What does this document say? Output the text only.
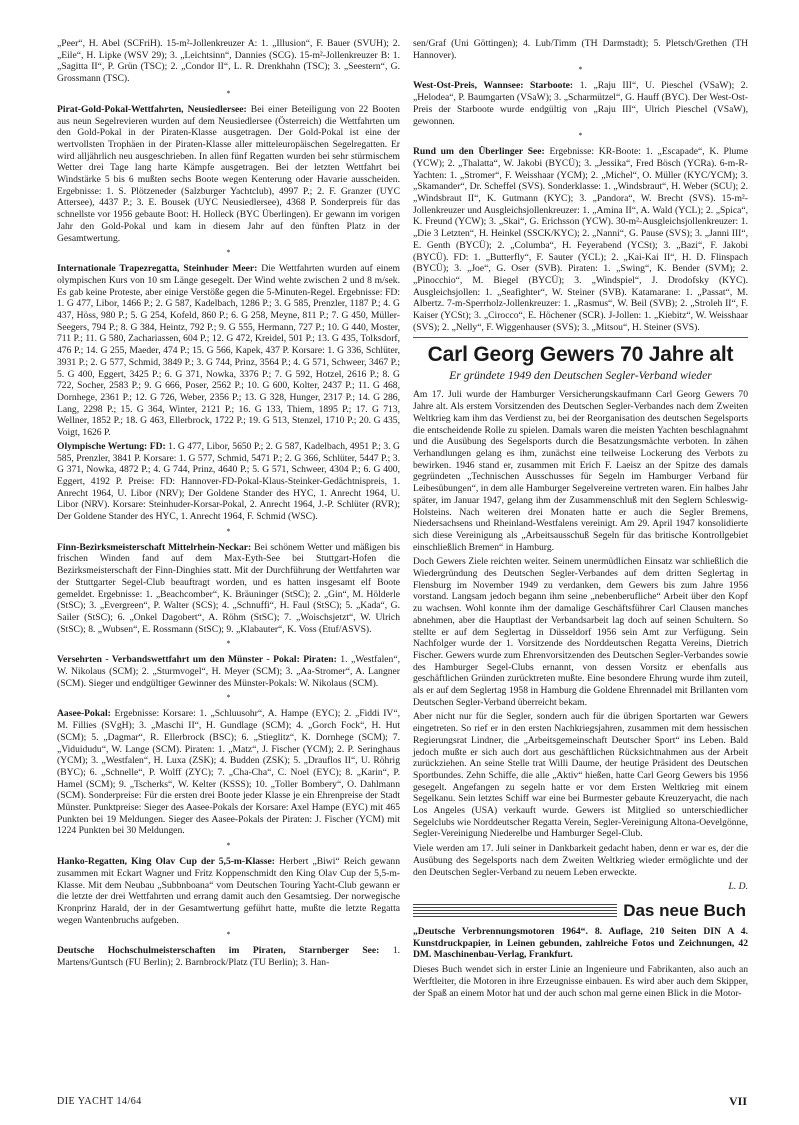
„Peer“, H. Abel (SCFriH). 15-m²-Jollenkreuzer A: 1. „Illusion“, F. Bauer (SVUH); 2. „Eile“, H. Lipke (WSV 29); 3. „Leichtsinn“, Dannies (SCG). 15-m²-Jollenkreuzer B: 1. „Sagitta II“, P. Grün (TSC); 2. „Condor II“, L. R. Drenkhahn (TSC); 3. „Seestern“, G. Grossmann (TSC).

*

Pirat-Gold-Pokal-Wettfahrten, Neusiedlersee: Bei einer Beteiligung von 22 Booten aus neun Segelrevieren wurden auf dem Neusiedlersee (Österreich) die Wettfahrten um den Gold-Pokal in der Piraten-Klasse ausgetragen. Der Gold-Pokal ist eine der wertvollsten Trophäen in der Piraten-Klasse aller mitteleuropäischen Segelregatten. Er wird alljährlich neu ausgeschrieben. In allen fünf Regatten wurden bei sehr stürmischem Wetter drei Tage lang harte Kämpfe ausgetragen. Bei der letzten Wettfahrt bei Windstärke 5 bis 6 mußten sechs Boote wegen Kenterung oder Havarie ausscheiden. Ergebnisse: 1. S. Plötzeneder (Salzburger Yachtclub), 4997 P.; 2. F. Granzer (UYC Attersee), 4437 P.; 3. E. Bousek (UYC Neusiedlersee), 4368 P. Sonderpreis für das schnellste vor 1956 gebaute Boot: H. Holleck (BYC Überlingen). Er gewann im vorigen Jahr den Gold-Pokal und kam in diesem Jahr auf den fünften Platz in der Gesamtwertung.

*

Internationale Trapezregatta, Steinhuder Meer: Die Wettfahrten wurden auf einem olympischen Kurs von 10 sm Länge gesegelt. Der Wind wehte zwischen 2 und 8 m/sek. Es gab keine Proteste, aber einige Verstöße gegen die 5-Minuten-Regel. Ergebnisse: FD: 1. G 477, Libor, 1466 P.; 2. G 587, Kadelbach, 1286 P.; 3. G 585, Prenzler, 1187 P.; 4. G 437, Höss, 980 P.; 5. G 254, Kofeld, 860 P.; 6. G 258, Meyne, 811 P.; 7. G 450, Müller-Seegers, 794 P.; 8. G 384, Heintz, 792 P.; 9. G 555, Hermann, 727 P.; 10. G 440, Moster, 711 P.; 11. G 580, Zachariassen, 604 P.; 12. G 472, Kreidel, 501 P.; 13. G 435, Tolksdorf, 476 P.; 14. G 255, Maeder, 474 P.; 15. G 566, Kapek, 437 P. Korsare: 1. G 336, Schlüter, 3931 P.; 2. G 577, Schmid, 3849 P.; 3. G 744, Prinz, 3564 P.; 4. G 571, Schweer, 3467 P.; 5. G 400, Eggert, 3425 P.; 6. G 371, Nowka, 3376 P.; 7. G 592, Hotzel, 2616 P.; 8. G 722, Socher, 2583 P.; 9. G 666, Poser, 2562 P.; 10. G 600, Kolter, 2437 P.; 11. G 468, Dornhege, 2361 P.; 12. G 726, Weber, 2356 P.; 13. G 328, Hunger, 2317 P.; 14. G 286, Lang, 2298 P.; 15. G 364, Winter, 2121 P.; 16. G 133, Thiem, 1895 P.; 17. G 713, Wellner, 1852 P.; 18. G 463, Ellerbrock, 1722 P.; 19. G 513, Stenzel, 1710 P.; 20. G 435, Voigt, 1626 P.

Olympische Wertung: FD: 1. G 477, Libor, 5650 P.; 2. G 587, Kadelbach, 4951 P.; 3. G 585, Prenzler, 3841 P. Korsare: 1. G 577, Schmid, 5471 P.; 2. G 366, Schlüter, 5447 P.; 3. G 371, Nowka, 4872 P.; 4. G 744, Prinz, 4640 P.; 5. G 571, Schweer, 4304 P.; 6. G 400, Eggert, 4192 P. Preise: FD: Hannover-FD-Pokal-Klaus-Steinker-Gedächtnispreis, 1. Anrecht 1964, U. Libor (NRV); Der Goldene Stander des HYC, 1. Anrecht 1964, U. Libor (NRV). Korsare: Steinhuder-Korsar-Pokal, 2. Anrecht 1964, J.-P. Schlüter (RVR); Der Goldene Stander des HYC, 1. Anrecht 1964, F. Schmid (WSC).

*

Finn-Bezirksmeisterschaft Mittelrhein-Neckar: Bei schönem Wetter und mäßigen bis frischen Winden fand auf dem Max-Eyth-See bei Stuttgart-Hofen die Bezirksmeisterschaft der Finn-Dinghies statt. Mit der Durchführung der Wettfahrten war der Stuttgarter Segel-Club beauftragt worden, und es hatten insgesamt elf Boote gemeldet. Ergebnisse: 1. „Beachcomber“, K. Bräuninger (StSC); 2. „Gin“, M. Hölderle (StSC); 3. „Evergreen“, P. Walter (SCS); 4. „Schnuffi“, H. Faul (StSC); 5. „Kada“, G. Sailer (StSC); 6. „Onkel Dagobert“, A. Röhm (StSC); 7. „Woischsjetzt“, W. Ulrich (StSC); 8. „Wubsen“, E. Rossmann (StSC); 9. „Klabauter“, K. Voss (Etuf/ASVS).

*

Versehrten - Verbandswettfahrt um den Münster - Pokal: Piraten: 1. „Westfalen“, W. Nikolaus (SCM); 2. „Sturmvogel“, H. Meyer (SCM); 3. „Aa-Stromer“, A. Langner (SCM). Sieger und endgültiger Gewinner des Münster-Pokals: W. Nikolaus (SCM).

*

Aasee-Pokal: Ergebnisse: Korsare: 1. „Schluusohr“, A. Hampe (EYC); 2. „Fiddi IV“, M. Fillies (SVgH); 3. „Maschi II“, H. Gundlage (SCM); 4. „Gorch Fock“, H. Hut (SCM); 5. „Dagmar“, R. Ellerbrock (BSC); 6. „Stieglitz“, K. Dornhege (SCM); 7. „Viduidudu“, W. Lange (SCM). Piraten: 1. „Matz“, J. Fischer (YCM); 2. P. Seringhaus (YCM); 3. „Westfalen“, H. Luxa (ZSK); 4. Budden (ZSK); 5. „Drauflos II“, U. Röhrig (BYC); 6. „Schnelle“, P. Wolff (ZYC); 7. „Cha-Cha“, C. Noel (EYC); 8. „Karin“, P. Hamel (SCM); 9. „Tscherks“, W. Kelter (KSSS); 10. „Toller Bombery“, O. Dahlmann (SCM). Sonderpreise: Für die ersten drei Boote jeder Klasse je ein Ehrenpreise der Stadt Münster. Punktpreise: Sieger des Aasee-Pokals der Korsare: Axel Hampe (EYC) mit 465 Punkten bei 19 Meldungen. Sieger des Aasee-Pokals der Piraten: J. Fischer (YCM) mit 1224 Punkten bei 30 Meldungen.

*

Hanko-Regatten, King Olav Cup der 5,5-m-Klasse: Herbert „Biwi“ Reich gewann zusammen mit Eckart Wagner und Fritz Koppenschmidt den King Olav Cup der 5,5-m-Klasse. Mit dem Neubau „Subbnboana“ vom Deutschen Touring Yacht-Club gewann er die letzte der drei Wettfahrten und errang damit auch den Gesamtsieg. Der norwegische Kronprinz Harald, der in der Gesamtwertung geführt hatte, mußte die letzte Regatta wegen Wantenbruchs aufgeben.

*

Deutsche Hochschulmeisterschaften im Piraten, Starnberger See: 1. Martens/Guntsch (FU Berlin); 2. Barnbrock/Platz (TU Berlin); 3. Han-

sen/Graf (Uni Göttingen); 4. Lub/Timm (TH Darmstadt); 5. Pletsch/Grethen (TH Hannover).

*

West-Ost-Preis, Wannsee: Starboote: 1. „Raju III“, U. Pieschel (VSaW); 2. „Helodea“, P. Baumgarten (VSaW); 3. „Scharmützel“, G. Hauff (BYC). Der West-Ost-Preis der Starboote wurde endgültig von „Raju III“, Ulrich Pieschel (VSaW), gewonnen.

*

Rund um den Überlinger See: Ergebnisse: KR-Boote: 1. „Escapade“, K. Plume (YCW); 2. „Thalatta“, W. Jakobi (BYCÜ); 3. „Jessika“, Fred Bösch (YCRa). 6-m-R-Yachten: 1. „Stromer“, F. Weisshaar (YCM); 2. „Michel“, O. Müller (KYC/YCM); 3. „Skamander“, Dr. Scheffel (SVS). Sonderklasse: 1. „Windsbraut“, H. Weber (SCU); 2. „Windsbraut II“, K. Gutmann (KYC); 3. „Pandora“, W. Brecht (SVS). 15-m²-Jollenkreuzer und Ausgleichsjollenkreuzer: 1. „Amina II“, A. Wald (YCL); 2. „Spica“, K. Freund (YCW); 3. „Skai“, G. Erichsson (YCW). 30-m²-Ausgleichsjollenkreuzer: 1. „Die 3 Letzten“, H. Heinkel (SSCK/KYC); 2. „Nanni“, G. Pause (SVS); 3. „Janni III“, E. Genth (BYCÜ); 2. „Columba“, H. Feyerabend (YCSt); 3. „Bazi“, F. Jakobi (BYCÜ). FD: 1. „Butterfly“, F. Sauter (YCL); 2. „Kai-Kai II“, H. D. Flinspach (BYCÜ); 3. „Joe“, G. Oser (SVB). Piraten: 1. „Swing“, K. Bender (SVM); 2. „Pinocchio“, M. Biegel (BYCÜ); 3. „Windspiel“, J. Drodofsky (KYC). Ausgleichsjollen: 1. „Seafighter“, W. Steiner (SVB). Katamarane: 1. „Passat“, M. Albertz. 7-m-Sperrholz-Jollenkreuzer: 1. „Rasmus“, W. Beil (SVB); 2. „Stroleh II“, F. Kaiser (YCSt); 3. „Cirocco“, E. Höchener (SCR). J-Jollen: 1. „Kiebitz“, W. Weisshaar (SVS); 2. „Nelly“, F. Wiggenhauser (SVS); 3. „Mitsou“, H. Steiner (SVS).

Carl Georg Gewers 70 Jahre alt
Er gründete 1949 den Deutschen Segler-Verband wieder

Am 17. Juli wurde der Hamburger Versicherungskaufmann Carl Georg Gewers 70 Jahre alt. Als erstem Vorsitzenden des Deutschen Segler-Verbandes nach dem Zweiten Weltkrieg kam ihm das Verdienst zu, bei der Reorganisation des deutschen Segelsports die entscheidende Rolle zu spielen. Damals waren die meisten Yachten beschlagnahmt und die Ausübung des Segelsports durch die Besatzungsmächte verboten. In zähen Verhandlungen gelang es ihm, zunächst eine teilweise Lockerung des Verbots zu bewirken. 1946 stand er, zusammen mit Erich F. Laeisz an der Spitze des damals gegründeten „Technischen Ausschusses für Segeln im Hamburger Verband für Leibesübungen“, in dem alle Hamburger Segelvereine vertreten waren. Ein halbes Jahr später, im Januar 1947, gelang ihm der Zusammenschluß mit den Seglern Schleswig-Holsteins. Nach weiteren drei Monaten hatte er auch die Segler Bremens, Niedersachsens und Rheinland-Westfalens vereinigt. Am 29. April 1947 konsolidierte sich diese Vereinigung als „Arbeitsausschuß Segeln für das britische Kontrollgebiet einschließlich Bremen“ in Hamburg.

Doch Gewers Ziele reichten weiter. Seinem unermüdlichen Einsatz war schließlich die Wiedergründung des Deutschen Segler-Verbandes auf dem dritten Seglertag in Flensburg im November 1949 zu verdanken, dem Gewers bis zum Jahre 1956 vorstand. Langsam jedoch begann ihm seine „nebenberufliche“ Arbeit über den Kopf zu wachsen. Wohl konnte ihm der damalige Geschäftsführer Carl Clausen manches abnehmen, aber die Hauptlast der Verbandsarbeit lag doch auf seinen Schultern. So stellte er auf dem Seglertag in Düsseldorf 1956 sein Amt zur Verfügung. Sein Nachfolger wurde der 1. Vorsitzende des Norddeutschen Regatta Vereins, Dietrich Fischer. Gewers wurde zum Ehrenvorsitzenden des Deutschen Segler-Verbandes sowie des Hamburger Segel-Clubs ernannt, von dessen Vorsitz er ebenfalls aus geschäftlichen Gründen zurücktreten mußte. Eine besondere Ehrung wurde ihm zuteil, als er auf dem Seglertag 1958 in Hamburg die Goldene Ehrennadel mit Brillanten vom Deutschen Segler-Verband überreicht bekam.

Aber nicht nur für die Segler, sondern auch für die übrigen Sportarten war Gewers eingetreten. So rief er in den ersten Nachkriegsjahren, zusammen mit dem hessischen Regierungsrat Lindner, die „Arbeitsgemeinschaft Deutscher Sport“ ins Leben. Bald jedoch mußte er sich auch dort aus geschäftlichen Rücksichtnahmen aus der Arbeit zurückziehen. An seine Stelle trat Willi Daume, der heutige Präsident des Deutschen Sportbundes. Zehn Schiffe, die alle „Aktiv“ hießen, hatte Carl Georg Gewers bis 1956 gesegelt. Angefangen zu segeln hatte er vor dem Ersten Weltkrieg mit einem Segelkanu. Sein letztes Schiff war eine bei Burmester gebaute Kreuzeryacht, die nach Los Angeles (USA) verkauft wurde. Gewers ist Mitglied so unterschiedlicher Segelclubs wie Norddeutscher Regatta Verein, Segler-Vereinigung Altona-Oevelgönne, Segler-Vereinigung Niederelbe und Hamburger Segel-Club.

Viele werden am 17. Juli seiner in Dankbarkeit gedacht haben, denn er war es, der die Ausübung des Segelsports nach dem Zweiten Weltkrieg wieder ermöglichte und der den Deutschen Segler-Verband zu neuem Leben erweckte.

L. D.

Das neue Buch

„Deutsche Verbrennungsmotoren 1964“. 8. Auflage, 210 Seiten DIN A 4. Kunstdruckpapier, in Leinen gebunden, zahlreiche Fotos und Zeichnungen, 42 DM. Maschinenbau-Verlag, Frankfurt.

Dieses Buch wendet sich in erster Linie an Ingenieure und Fabrikanten, also auch an Werftleiter, die Motoren in ihre Erzeugnisse einbauen. Es wird aber auch dem Skipper, der Spaß an einem Motor hat und der auch schon mal gerne einen Blick in die Motor-

DIE YACHT 14/64	VII
